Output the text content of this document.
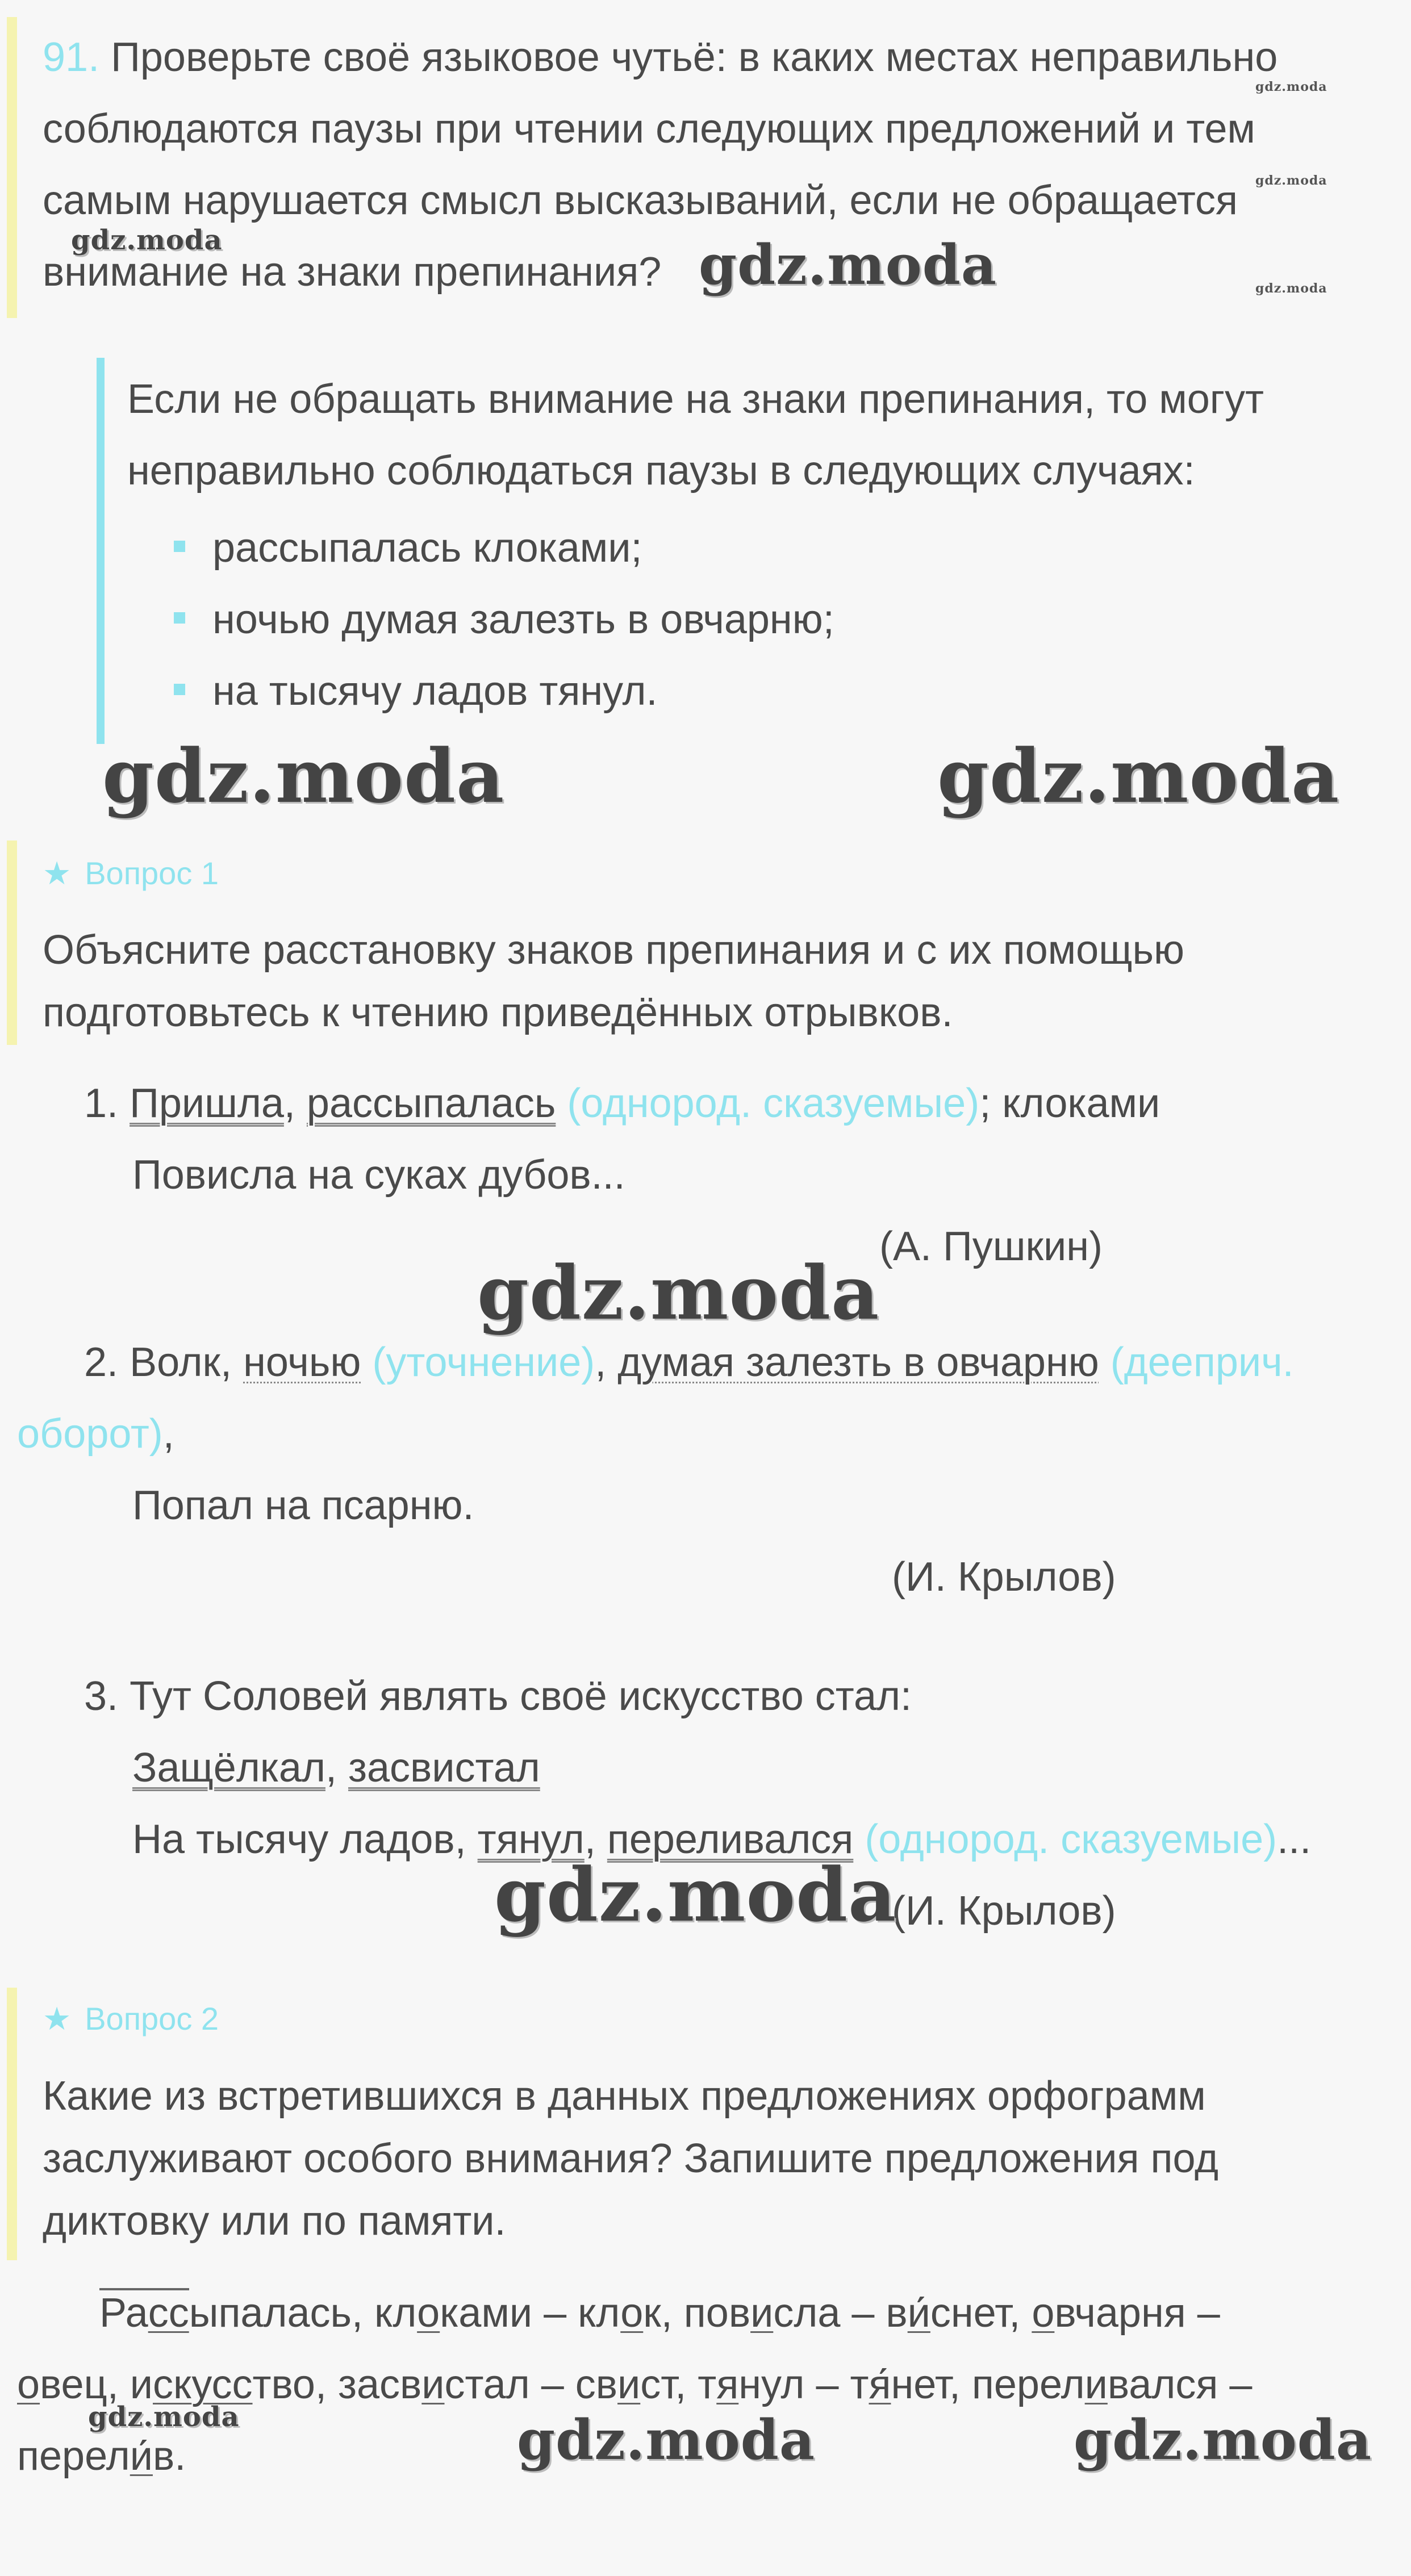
91. Проверьте своё языковое чутьё: в каких местах неправильно
соблюдаются паузы при чтении следующих предложений и тем
самым нарушается смысл высказываний, если не обращается
внимание на знаки препинания?
Если не обращать внимание на знаки препинания, то могут
неправильно соблюдаться паузы в следующих случаях:
рассыпалась клоками;
ночью думая залезть в овчарню;
на тысячу ладов тянул.
★ Вопрос 1
Объясните расстановку знаков препинания и с их помощью
подготовьтесь к чтению приведённых отрывков.
1. Пришла, рассыпалась (однород. сказуемые); клоками
Повисла на суках дубов...
(А. Пушкин)
2. Волк, ночью (уточнение), думая залезть в овчарню (дееприч.
оборот),
Попал на псарню.
(И. Крылов)
3. Тут Соловей являть своё искусство стал:
Защёлкал, засвистал
На тысячу ладов, тянул, переливался (однород. сказуемые)...
(И. Крылов)
★ Вопрос 2
Какие из встретившихся в данных предложениях орфограмм
заслуживают особого внимания? Запишите предложения под
диктовку или по памяти.
Рассыпалась, клоками – клок, повисла – ви́снет, овчарня –
овец, искусство, засвистал – свист, тянул – тя́нет, переливался –
перели́в.
gdz.moda
gdz.moda
gdz.moda
gdz.moda	gdz.moda
gdz.moda	gdz.moda
gdz.moda
gdz.moda
gdz.moda	gdz.moda	gdz.moda
